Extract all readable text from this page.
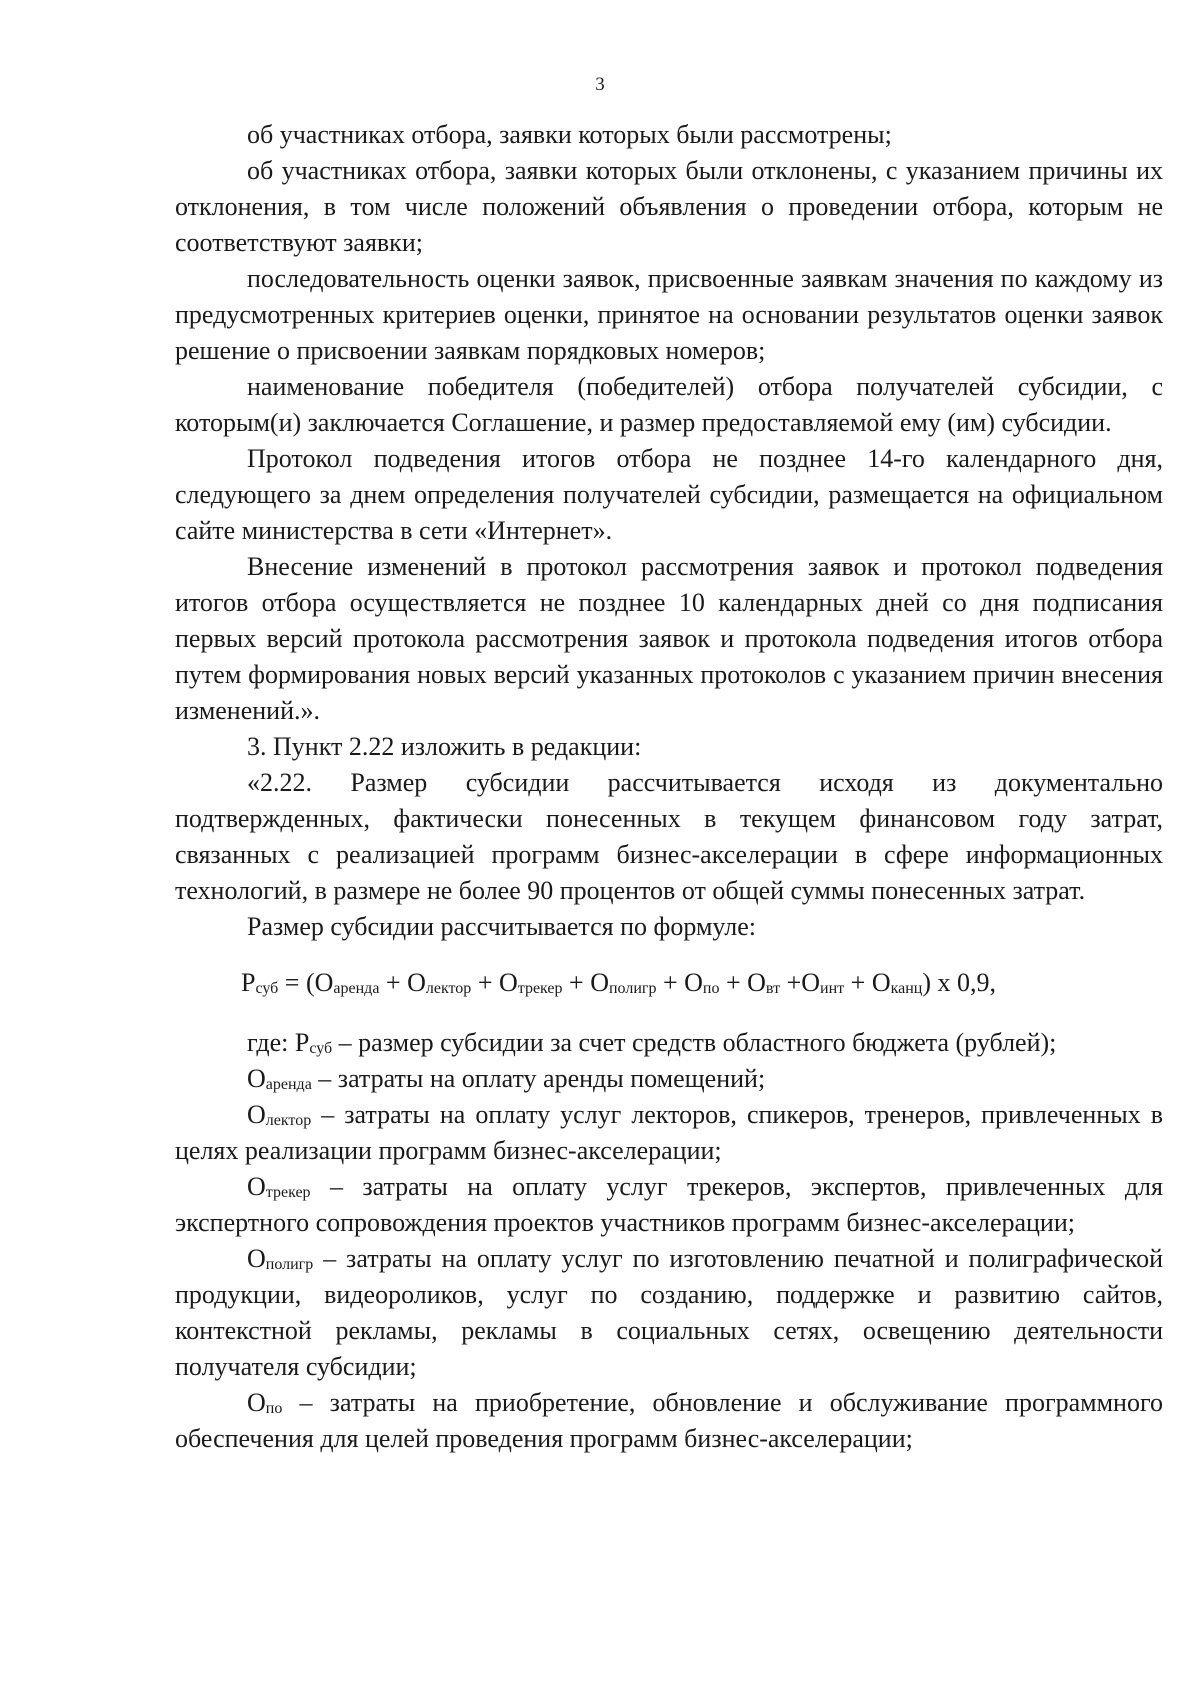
3

об участниках отбора, заявки которых были рассмотрены;

об участниках отбора, заявки которых были отклонены, с указанием причины их отклонения, в том числе положений объявления о проведении отбора, которым не соответствуют заявки;

последовательность оценки заявок, присвоенные заявкам значения по каждому из предусмотренных критериев оценки, принятое на основании результатов оценки заявок решение о присвоении заявкам порядковых номеров;

наименование победителя (победителей) отбора получателей субсидии, с которым(и) заключается Соглашение, и размер предоставляемой ему (им) субсидии.

Протокол подведения итогов отбора не позднее 14-го календарного дня, следующего за днем определения получателей субсидии, размещается на официальном сайте министерства в сети «Интернет».

Внесение изменений в протокол рассмотрения заявок и протокол подведения итогов отбора осуществляется не позднее 10 календарных дней со дня подписания первых версий протокола рассмотрения заявок и протокола подведения итогов отбора путем формирования новых версий указанных протоколов с указанием причин внесения изменений.».

3. Пункт 2.22 изложить в редакции:

«2.22. Размер субсидии рассчитывается исходя из документально подтвержденных, фактически понесенных в текущем финансовом году затрат, связанных с реализацией программ бизнес-акселерации в сфере информационных технологий, в размере не более 90 процентов от общей суммы понесенных затрат.

Размер субсидии рассчитывается по формуле:

$P_{суб} = (О_{аренда} + О_{лектор} + О_{трекер} + О_{полигр} + О_{по} + О_{вт} +О_{инт} + О_{канц})$ х 0,9,

где: $P_{суб}$ – размер субсидии за счет средств областного бюджета (рублей);

$О_{аренда}$ – затраты на оплату аренды помещений;

$О_{лектор}$ – затраты на оплату услуг лекторов, спикеров, тренеров, привлеченных в целях реализации программ бизнес-акселерации;

$О_{трекер}$ – затраты на оплату услуг трекеров, экспертов, привлеченных для экспертного сопровождения проектов участников программ бизнес-акселерации;

$О_{полигр}$ – затраты на оплату услуг по изготовлению печатной и полиграфической продукции, видеороликов, услуг по созданию, поддержке и развитию сайтов, контекстной рекламы, рекламы в социальных сетях, освещению деятельности получателя субсидии;

$О_{по}$ – затраты на приобретение, обновление и обслуживание программного обеспечения для целей проведения программ бизнес-акселерации;
